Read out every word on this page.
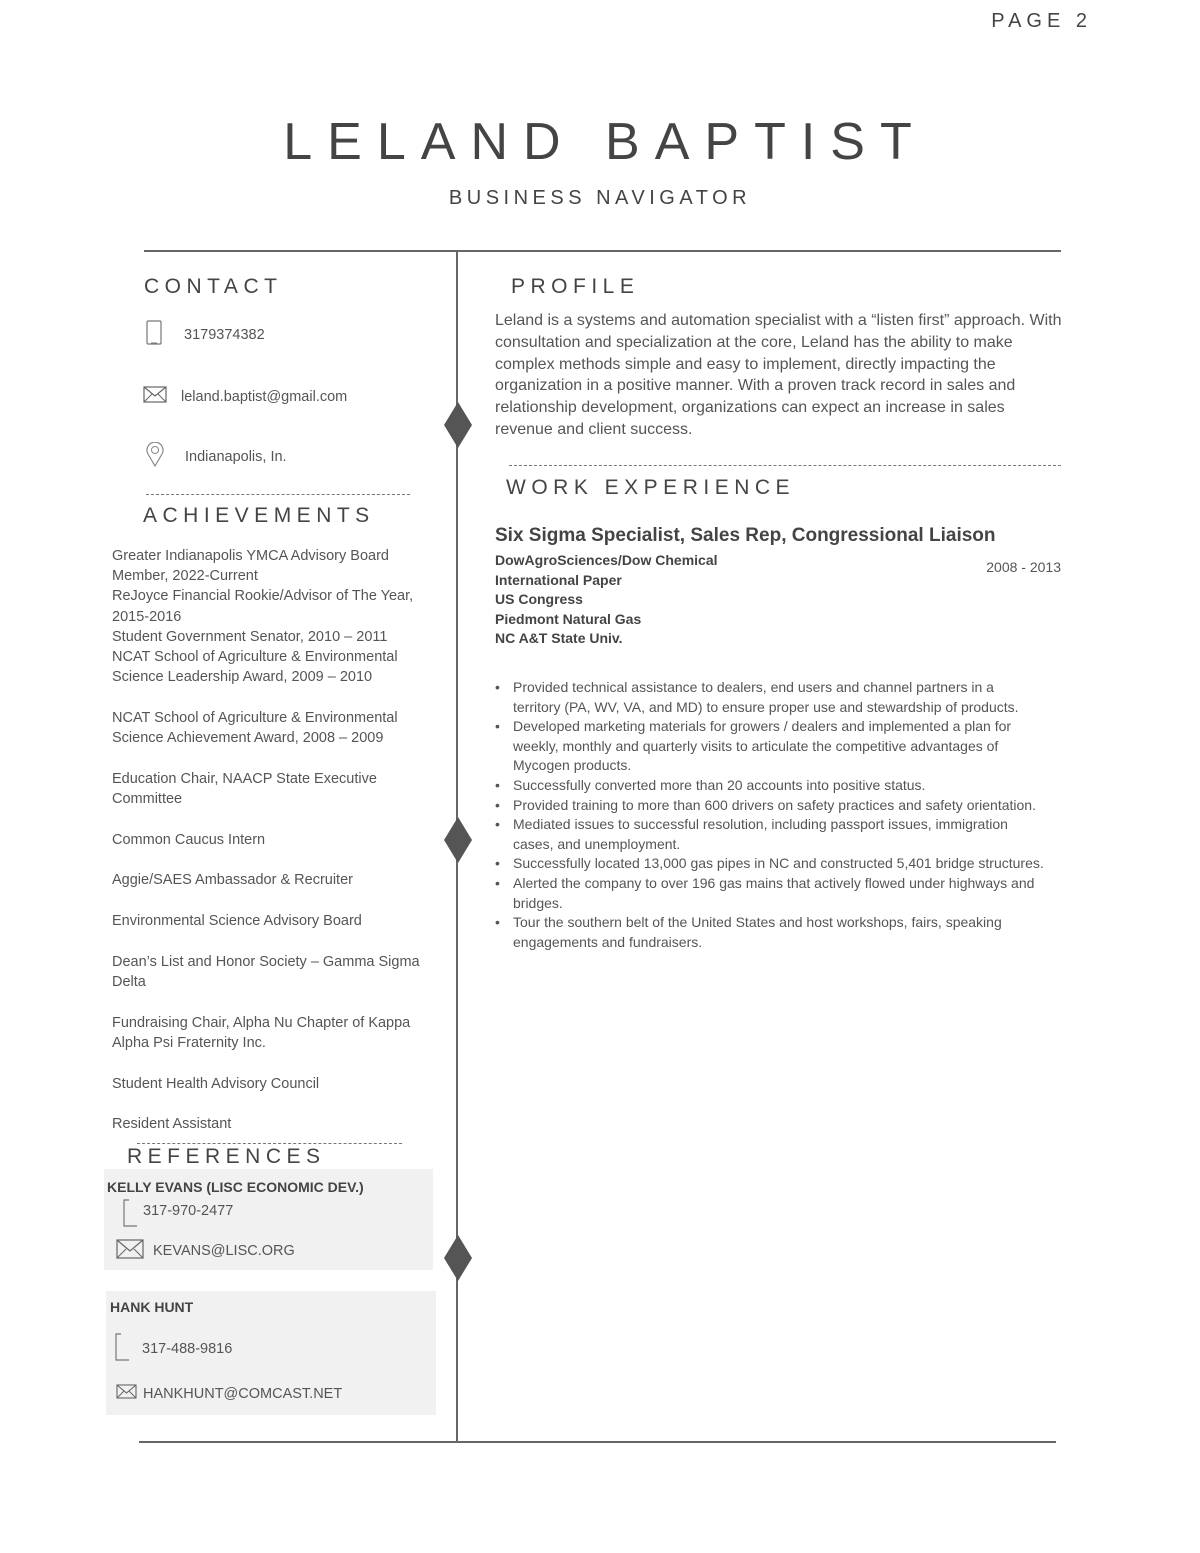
PAGE 2
LELAND BAPTIST
BUSINESS NAVIGATOR
CONTACT
3179374382
leland.baptist@gmail.com
Indianapolis, In.
ACHIEVEMENTS
Greater Indianapolis YMCA Advisory Board Member, 2022-Current
ReJoyce Financial Rookie/Advisor of The Year, 2015-2016
Student Government Senator, 2010 – 2011
NCAT School of Agriculture & Environmental Science Leadership Award, 2009 – 2010
NCAT School of Agriculture & Environmental Science Achievement Award, 2008 – 2009
Education Chair, NAACP State Executive Committee
Common Caucus Intern
Aggie/SAES Ambassador & Recruiter
Environmental Science Advisory Board
Dean’s List and Honor Society – Gamma Sigma Delta
Fundraising Chair, Alpha Nu Chapter of Kappa Alpha Psi Fraternity Inc.
Student Health Advisory Council
Resident Assistant
REFERENCES
KELLY EVANS (LISC ECONOMIC DEV.)
317-970-2477
KEVANS@LISC.ORG
HANK HUNT
317-488-9816
HANKHUNT@COMCAST.NET
PROFILE
Leland is a systems and automation specialist with a “listen first” approach. With consultation and specialization at the core, Leland has the ability to make complex methods simple and easy to implement, directly impacting the organization in a positive manner. With a proven track record in sales and relationship development, organizations can expect an increase in sales revenue and client success.
WORK EXPERIENCE
Six Sigma Specialist, Sales Rep, Congressional Liaison
DowAgroSciences/Dow Chemical
International Paper
US Congress
Piedmont Natural Gas
NC A&T State Univ.
2008 - 2013
• Provided technical assistance to dealers, end users and channel partners in a territory (PA, WV, VA, and MD) to ensure proper use and stewardship of products.
• Developed marketing materials for growers / dealers and implemented a plan for weekly, monthly and quarterly visits to articulate the competitive advantages of Mycogen products.
• Successfully converted more than 20 accounts into positive status.
• Provided training to more than 600 drivers on safety practices and safety orientation.
• Mediated issues to successful resolution, including passport issues, immigration cases, and unemployment.
• Successfully located 13,000 gas pipes in NC and constructed 5,401 bridge structures.
• Alerted the company to over 196 gas mains that actively flowed under highways and bridges.
• Tour the southern belt of the United States and host workshops, fairs, speaking engagements and fundraisers.
